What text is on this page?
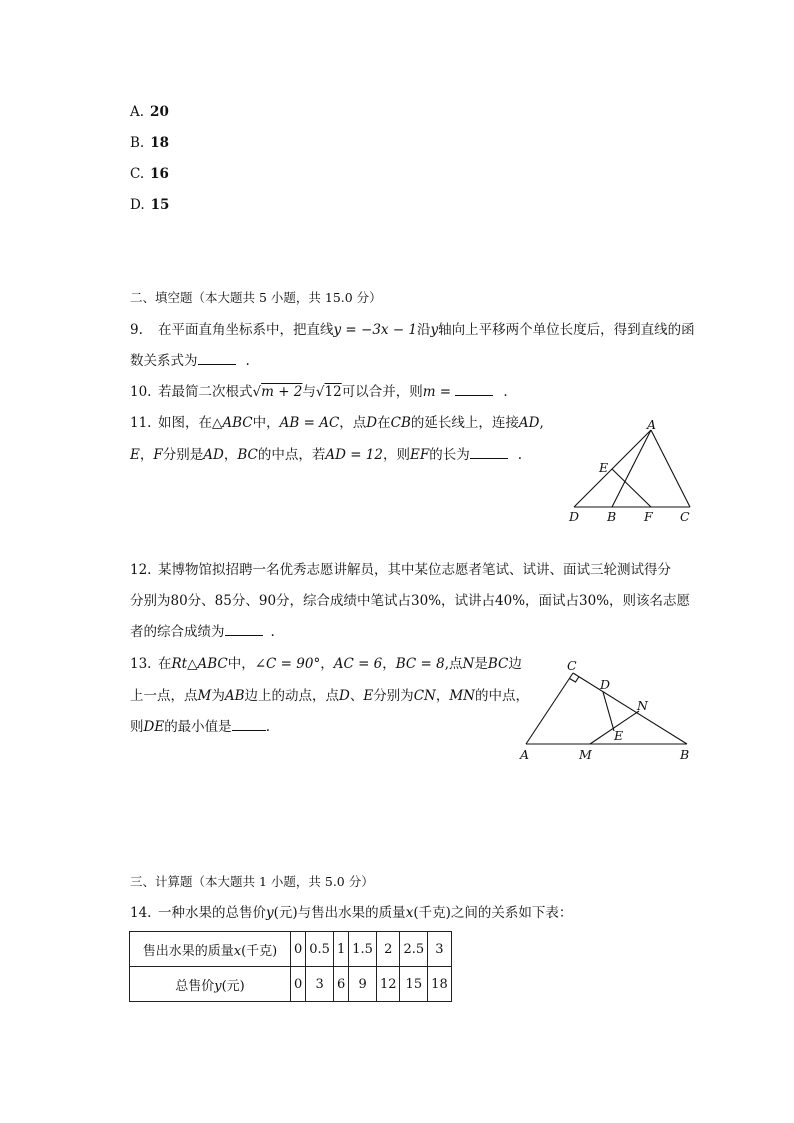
A. 20
B. 18
C. 16
D. 15
二、填空题（本大题共 5 小题，共 15.0 分）
9. 在平面直角坐标系中，把直线y = −3x − 1沿y轴向上平移两个单位长度后，得到直线的函
数关系式为	.
10. 若最简二次根式√m + 2与√12可以合并，则m =	.
11. 如图，在△ABC中，AB = AC，点D在CB的延长线上，连接AD,
E，F分别是AD，BC的中点，若AD = 12，则EF的长为	.
A
E
D B F C
12. 某博物馆拟招聘一名优秀志愿讲解员，其中某位志愿者笔试、试讲、面试三轮测试得分
分别为80分、85分、90分，综合成绩中笔试占30%，试讲占40%，面试占30%，则该名志愿
者的综合成绩为	.
13. 在Rt△ABC中，∠C = 90°，AC = 6，BC = 8,点N是BC边
上一点，点M为AB边上的动点，点D、E分别为CN，MN的中点，
则DE的最小值是	.
C
D
N
E
A	M	B
三、计算题（本大题共 1 小题，共 5.0 分）
14. 一种水果的总售价y(元)与售出水果的质量x(千克)之间的关系如下表：
售出水果的质量x(千克)	0	0.5	1	1.5	2	2.5	3
总售价y(元)	0	3	6	9	12	15	18
